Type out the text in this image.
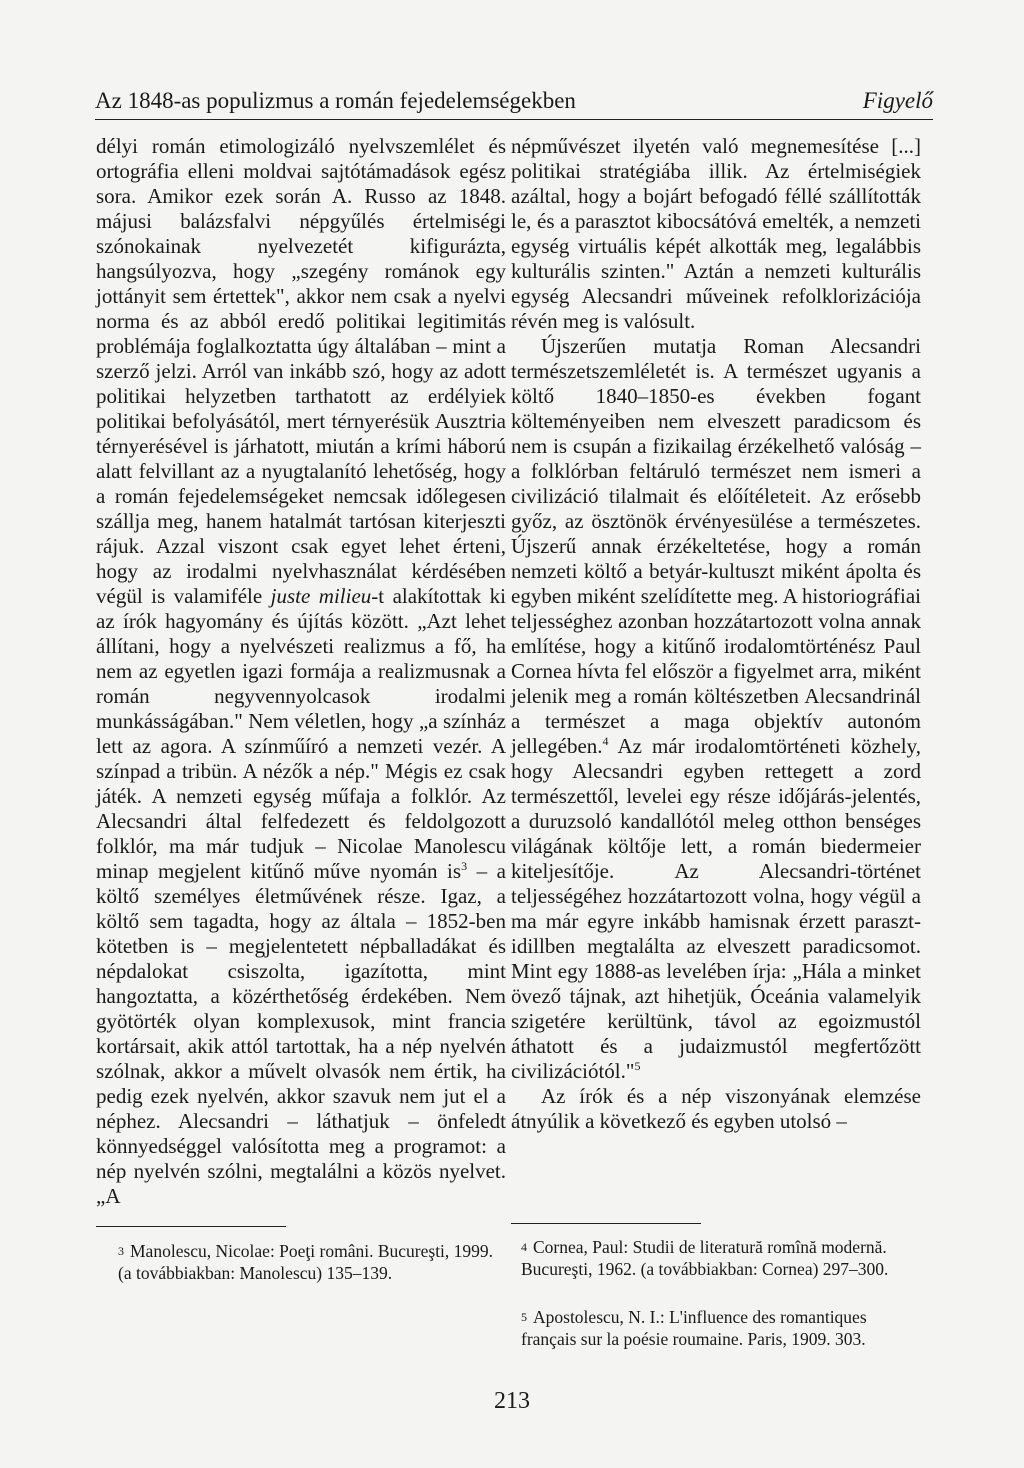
Az 1848-as populizmus a román fejedelemségekben	Figyelő

délyi román etimologizáló nyelvszemlélet és ortográfia elleni moldvai sajtótámadások egész sora. Amikor ezek során A. Russo az 1848. májusi balázsfalvi népgyűlés értelmiségi szónokainak nyelvezetét kifigurázta, hangsúlyozva, hogy „szegény románok egy jottányit sem értettek", akkor nem csak a nyelvi norma és az abból eredő politikai legitimitás problémája foglalkoztatta úgy általában – mint a szerző jelzi. Arról van inkább szó, hogy az adott politikai helyzetben tarthatott az erdélyiek politikai befolyásától, mert térnyerésük Ausztria térnyerésével is járhatott, miután a krími háború alatt felvillant az a nyugtalanító lehetőség, hogy a román fejedelemségeket nemcsak időlegesen szállja meg, hanem hatalmát tartósan kiterjeszti rájuk. Azzal viszont csak egyet lehet érteni, hogy az irodalmi nyelvhasználat kérdésében végül is valamiféle juste milieu-t alakítottak ki az írók hagyomány és újítás között. „Azt lehet állítani, hogy a nyelvészeti realizmus a fő, ha nem az egyetlen igazi formája a realizmusnak a román negyvennyolcasok irodalmi munkásságában." Nem véletlen, hogy „a színház lett az agora. A színműíró a nemzeti vezér. A színpad a tribün. A nézők a nép." Mégis ez csak játék. A nemzeti egység műfaja a folklór. Az Alecsandri által felfedezett és feldolgozott folklór, ma már tudjuk – Nicolae Manolescu minap megjelent kitűnő műve nyomán $is^3$ – a költő személyes életművének része. Igaz, a költő sem tagadta, hogy az általa – 1852-ben kötetben is – megjelentetett népballadákat és népdalokat csiszolta, igazította, mint hangoztatta, a közérthetőség érdekében. Nem gyötörték olyan komplexusok, mint francia kortársait, akik attól tartottak, ha a nép nyelvén szólnak, akkor a művelt olvasók nem értik, ha pedig ezek nyelvén, akkor szavuk nem jut el a néphez. Alecsandri – láthatjuk – önfeledt könnyedséggel valósította meg a programot: a nép nyelvén szólni, megtalálni a közös nyelvet. „A

$^3$ Manolescu, Nicolae: Poeţi români. Bucureşti, 1999. (a továbbiakban: Manolescu) 135–139.

népművészet ilyetén való megnemesítése [...] politikai stratégiába illik. Az értelmiségiek azáltal, hogy a bojárt befogadó féllé szállították le, és a parasztot kibocsátóvá emelték, a nemzeti egység virtuális képét alkották meg, legalábbis kulturális szinten." Aztán a nemzeti kulturális egység Alecsandri műveinek refolklorizációja révén meg is valósult.

Újszerűen mutatja Roman Alecsandri természetszemléletét is. A természet ugyanis a költő 1840–1850-es években fogant költeményeiben nem elveszett paradicsom és nem is csupán a fizikailag érzékelhető valóság – a folklórban feltáruló természet nem ismeri a civilizáció tilalmait és előítéleteit. Az erősebb győz, az ösztönök érvényesülése a természetes. Újszerű annak érzékeltetése, hogy a román nemzeti költő a betyár-kultuszt miként ápolta és egyben miként szelídítette meg. A historiográfiai teljességhez azonban hozzátartozott volna annak említése, hogy a kitűnő irodalomtörténész Paul Cornea hívta fel először a figyelmet arra, miként jelenik meg a román költészetben Alecsandrinál a természet a maga objektív autonóm jellegében.$^4$ Az már irodalomtörténeti közhely, hogy Alecsandri egyben rettegett a zord természettől, levelei egy része időjárás-jelentés, a duruzsoló kandallótól meleg otthon benséges világának költője lett, a román biedermeier kiteljesítője. Az Alecsandri-történet teljességéhez hozzátartozott volna, hogy végül a ma már egyre inkább hamisnak érzett paraszt-idillben megtalálta az elveszett paradicsomot. Mint egy 1888-as levelében írja: „Hála a minket övező tájnak, azt hihetjük, Óceánia valamelyik szigetére kerültünk, távol az egoizmustól áthatott és a judaizmustól megfertőzött civilizációtól."$^5$

Az írók és a nép viszonyának elemzése átnyúlik a következő és egyben utolsó –

$^4$ Cornea, Paul: Studii de literatură romînă modernă. Bucureşti, 1962. (a továbbiakban: Cornea) 297–300.

$^5$ Apostolescu, N. I.: L'influence des romantiques français sur la poésie roumaine. Paris, 1909. 303.

213
